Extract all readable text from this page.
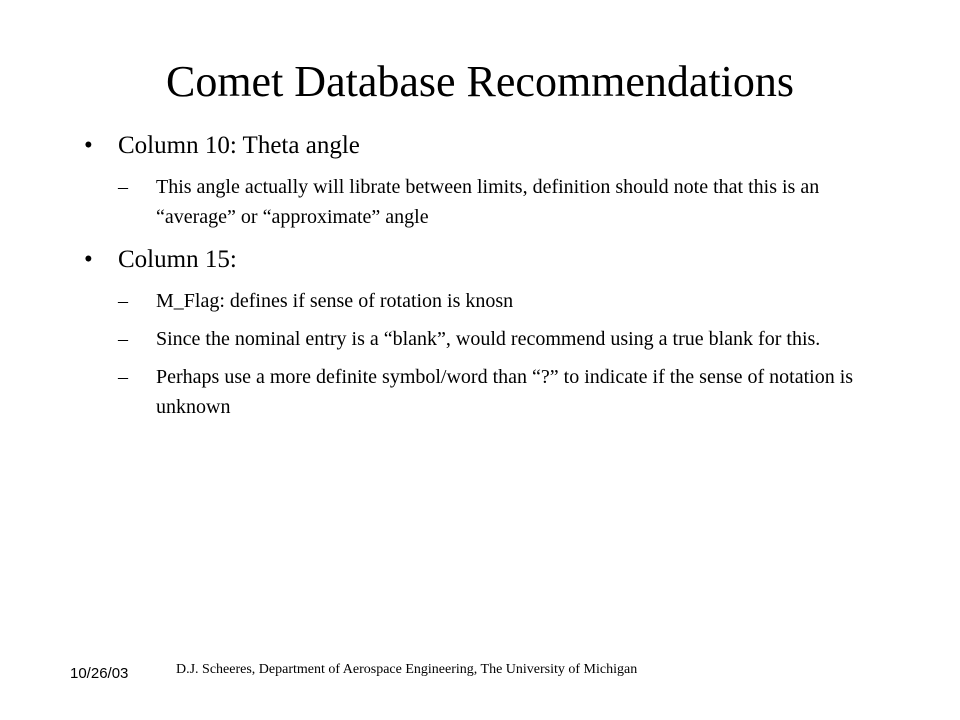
Comet Database Recommendations
• Column 10: Theta angle
– This angle actually will librate between limits, definition should note that this is an “average” or “approximate” angle
• Column 15:
– M_Flag: defines if sense of rotation is knosn
– Since the nominal entry is a “blank”, would recommend using a true blank for this.
– Perhaps use a more definite symbol/word than “?” to indicate if the sense of notation is unknown
10/26/03	D.J. Scheeres, Department of Aerospace Engineering, The University of Michigan
